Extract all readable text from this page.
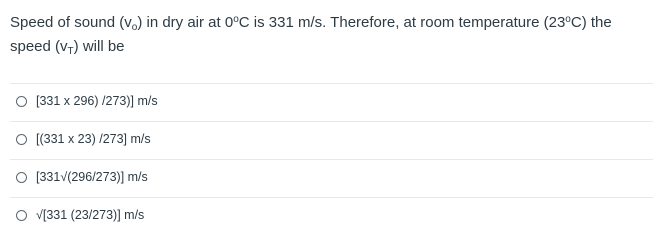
Speed of sound $(v_o)$ in dry air at 0$^o$C is 331 m/s. Therefore, at room temperature (23$^o$C) the speed $(v_T)$ will be
[331 x 296) /273)] m/s
[(331 x 23) /273] m/s
[331√(296/273)] m/s
√[331 (23/273)] m/s
